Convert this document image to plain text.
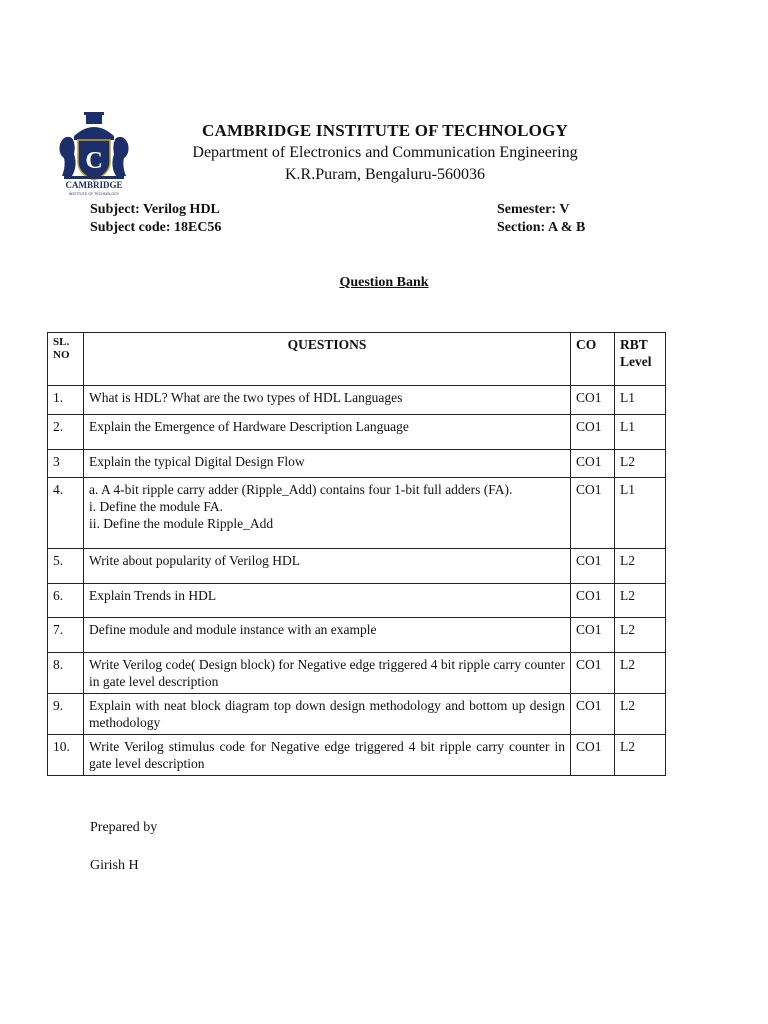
C
CAMBRIDGE
INSTITUTE OF TECHNOLOGY
CAMBRIDGE INSTITUTE OF TECHNOLOGY
Department of Electronics and Communication Engineering
K.R.Puram, Bengaluru-560036
Subject: Verilog HDL
Subject code: 18EC56
Semester: V
Section: A & B
Question Bank
SL. NO	QUESTIONS	CO	RBT Level
1.	What is HDL? What are the two types of HDL Languages	CO1	L1
2.	Explain the Emergence of Hardware Description Language	CO1	L1
3	Explain the typical Digital Design Flow	CO1	L2
4.	a. A 4-bit ripple carry adder (Ripple_Add) contains four 1-bit full adders (FA).
i. Define the module FA.
ii. Define the module Ripple_Add	CO1	L1
5.	Write about popularity of Verilog HDL	CO1	L2
6.	Explain Trends in HDL	CO1	L2
7.	Define module and module instance with an example	CO1	L2
8.	Write Verilog code( Design block) for Negative edge triggered 4 bit ripple carry counter in gate level description	CO1	L2
9.	Explain with neat block diagram top down design methodology and bottom up design methodology	CO1	L2
10.	Write Verilog stimulus code for Negative edge triggered 4 bit ripple carry counter in gate level description	CO1	L2
Prepared by
Girish H
